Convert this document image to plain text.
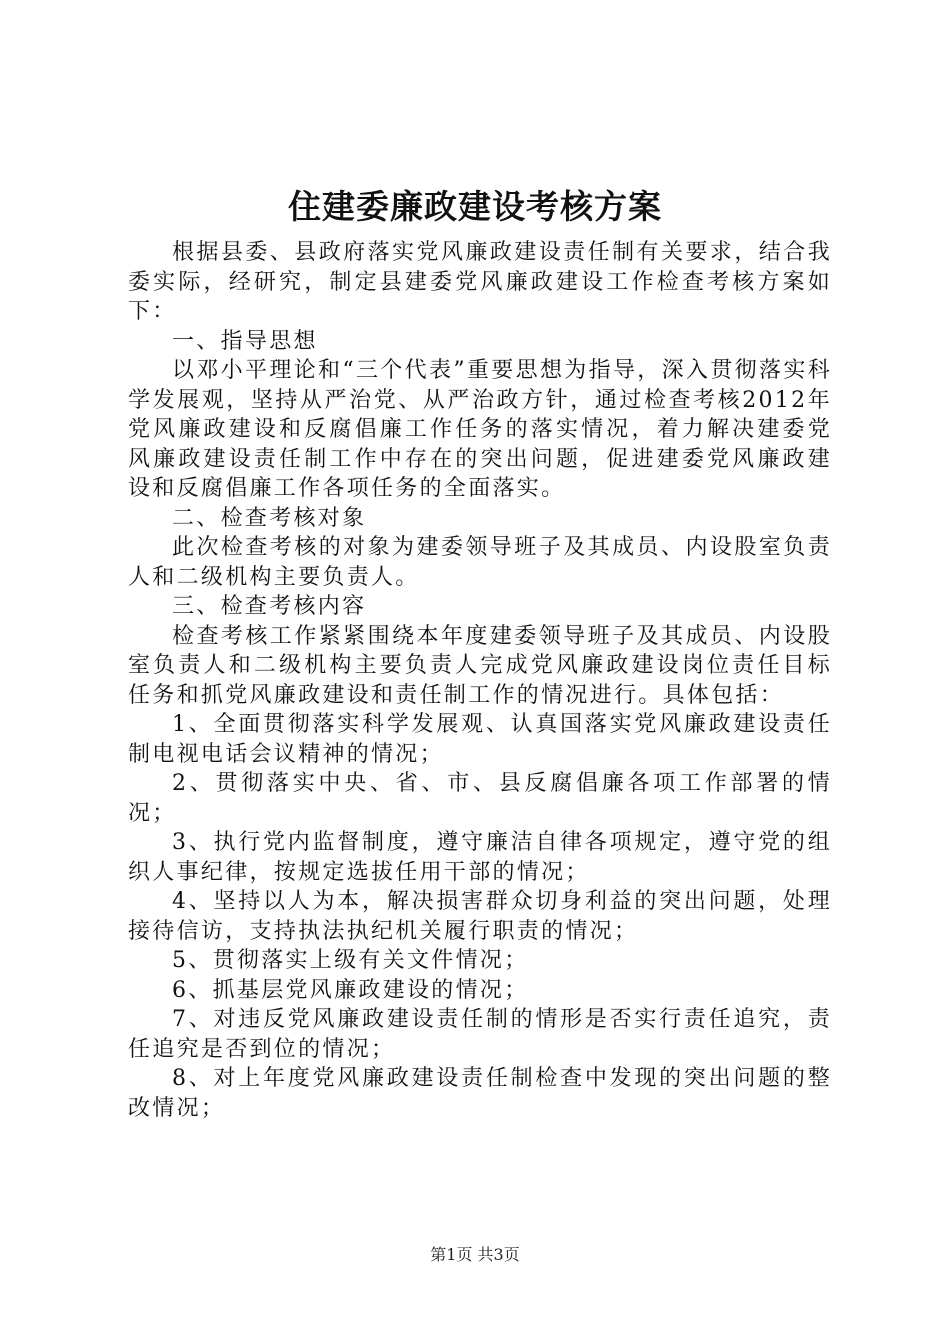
住建委廉政建设考核方案

根据县委、县政府落实党风廉政建设责任制有关要求，结合我委实际，经研究，制定县建委党风廉政建设工作检查考核方案如下：

一、指导思想

以邓小平理论和“三个代表”重要思想为指导，深入贯彻落实科学发展观，坚持从严治党、从严治政方针，通过检查考核2012年党风廉政建设和反腐倡廉工作任务的落实情况，着力解决建委党风廉政建设责任制工作中存在的突出问题，促进建委党风廉政建设和反腐倡廉工作各项任务的全面落实。

二、检查考核对象

此次检查考核的对象为建委领导班子及其成员、内设股室负责人和二级机构主要负责人。

三、检查考核内容

检查考核工作紧紧围绕本年度建委领导班子及其成员、内设股室负责人和二级机构主要负责人完成党风廉政建设岗位责任目标任务和抓党风廉政建设和责任制工作的情况进行。具体包括：

1、全面贯彻落实科学发展观、认真国落实党风廉政建设责任制电视电话会议精神的情况；

2、贯彻落实中央、省、市、县反腐倡廉各项工作部署的情况；

3、执行党内监督制度，遵守廉洁自律各项规定，遵守党的组织人事纪律，按规定选拔任用干部的情况；

4、坚持以人为本，解决损害群众切身利益的突出问题，处理接待信访，支持执法执纪机关履行职责的情况；

5、贯彻落实上级有关文件情况；

6、抓基层党风廉政建设的情况；

7、对违反党风廉政建设责任制的情形是否实行责任追究，责任追究是否到位的情况；

8、对上年度党风廉政建设责任制检查中发现的突出问题的整改情况；

第1页 共3页
